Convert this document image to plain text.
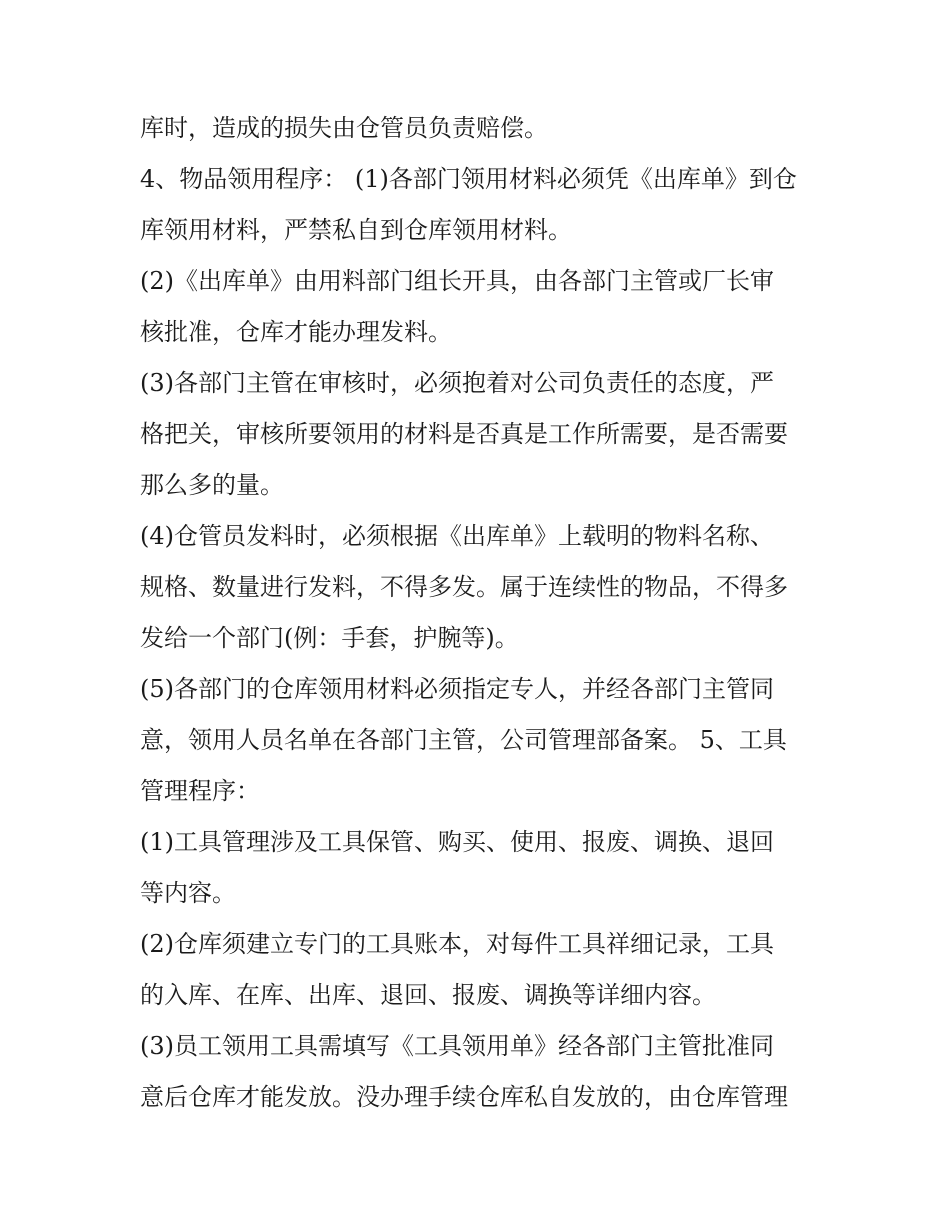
库时，造成的损失由仓管员负责赔偿。

4、物品领用程序： (1)各部门领用材料必须凭《出库单》到仓

库领用材料，严禁私自到仓库领用材料。

(2)《出库单》由用料部门组长开具，由各部门主管或厂长审

核批准，仓库才能办理发料。

(3)各部门主管在审核时，必须抱着对公司负责任的态度，严

格把关，审核所要领用的材料是否真是工作所需要，是否需要

那么多的量。

(4)仓管员发料时，必须根据《出库单》上载明的物料名称、

规格、数量进行发料，不得多发。属于连续性的物品，不得多

发给一个部门(例：手套，护腕等)。

(5)各部门的仓库领用材料必须指定专人，并经各部门主管同

意，领用人员名单在各部门主管，公司管理部备案。 5、工具

管理程序：

(1)工具管理涉及工具保管、购买、使用、报废、调换、退回

等内容。

(2)仓库须建立专门的工具账本，对每件工具祥细记录，工具

的入库、在库、出库、退回、报废、调换等详细内容。

(3)员工领用工具需填写《工具领用单》经各部门主管批准同

意后仓库才能发放。没办理手续仓库私自发放的，由仓库管理
